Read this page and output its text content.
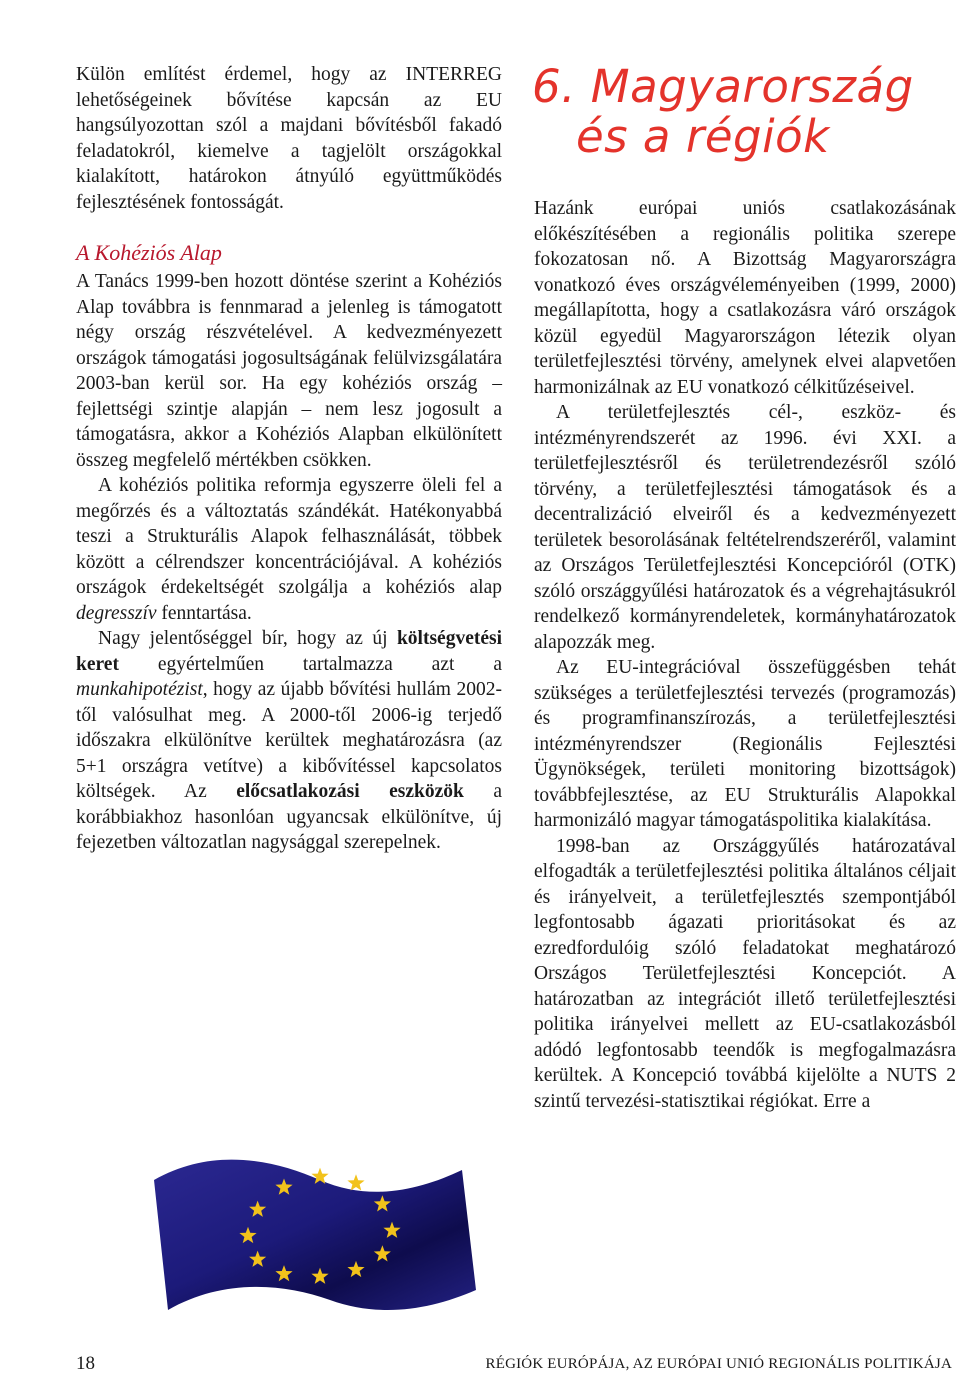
Külön említést érdemel, hogy az INTERREG lehetőségeinek bővítése kapcsán az EU hangsúlyozottan szól a majdani bővítésből fakadó feladatokról, kiemelve a tagjelölt országokkal kialakított, határokon átnyúló együttműködés fejlesztésének fontosságát.

A Kohéziós Alap

A Tanács 1999-ben hozott döntése szerint a Kohéziós Alap továbbra is fennmarad a jelenleg is támogatott négy ország részvételével. A kedvezményezett országok támogatási jogosultságának felülvizsgálatára 2003-ban kerül sor. Ha egy kohéziós ország – fejlettségi szintje alapján – nem lesz jogosult a támogatásra, akkor a Kohéziós Alapban elkülönített összeg megfelelő mértékben csökken.

A kohéziós politika reformja egyszerre öleli fel a megőrzés és a változtatás szándékát. Hatékonyabbá teszi a Strukturális Alapok felhasználását, többek között a célrendszer koncentrációjával. A kohéziós országok érdekeltségét szolgálja a kohéziós alap degresszív fenntartása.

Nagy jelentőséggel bír, hogy az új költségvetési keret egyértelműen tartalmazza azt a munkahipotézist, hogy az újabb bővítési hullám 2002-től valósulhat meg. A 2000-től 2006-ig terjedő időszakra elkülönítve kerültek meghatározásra (az 5+1 országra vetítve) a kibővítéssel kapcsolatos költségek. Az előcsatlakozási eszközök a korábbiakhoz hasonlóan ugyancsak elkülönítve, új fejezetben változatlan nagysággal szerepelnek.

6. Magyarország
és a régiók

Hazánk európai uniós csatlakozásának előkészítésében a regionális politika szerepe fokozatosan nő. A Bizottság Magyarországra vonatkozó éves országvéleményeiben (1999, 2000) megállapította, hogy a csatlakozásra váró országok közül egyedül Magyarországon létezik olyan területfejlesztési törvény, amelynek elvei alapvetően harmonizálnak az EU vonatkozó célkitűzéseivel.

A területfejlesztés cél-, eszköz- és intézményrendszerét az 1996. évi XXI. a területfejlesztésről és területrendezésről szóló törvény, a területfejlesztési támogatások és a decentralizáció elveiről és a kedvezményezett területek besorolásának feltételrendszeréről, valamint az Országos Területfejlesztési Koncepcióról (OTK) szóló országgyűlési határozatok és a végrehajtásukról rendelkező kormányrendeletek, kormányhatározatok alapozzák meg.

Az EU-integrációval összefüggésben tehát szükséges a területfejlesztési tervezés (programozás) és programfinanszírozás, a területfejlesztési intézményrendszer (Regionális Fejlesztési Ügynökségek, területi monitoring bizottságok) továbbfejlesztése, az EU Strukturális Alapokkal harmonizáló magyar támogatáspolitika kialakítása.

1998-ban az Országgyűlés határozatával elfogadták a területfejlesztési politika általános céljait és irányelveit, a területfejlesztés szempontjából legfontosabb ágazati prioritásokat és az ezredfordulóig szóló feladatokat meghatározó Országos Területfejlesztési Koncepciót. A határozatban az integrációt illető területfejlesztési politika irányelvei mellett az EU-csatlakozásból adódó legfontosabb teendők is megfogalmazásra kerültek. A Koncepció továbbá kijelölte a NUTS 2 szintű tervezési-statisztikai régiókat. Erre a

18	RÉGIÓK EURÓPÁJA, AZ EURÓPAI UNIÓ REGIONÁLIS POLITIKÁJA
